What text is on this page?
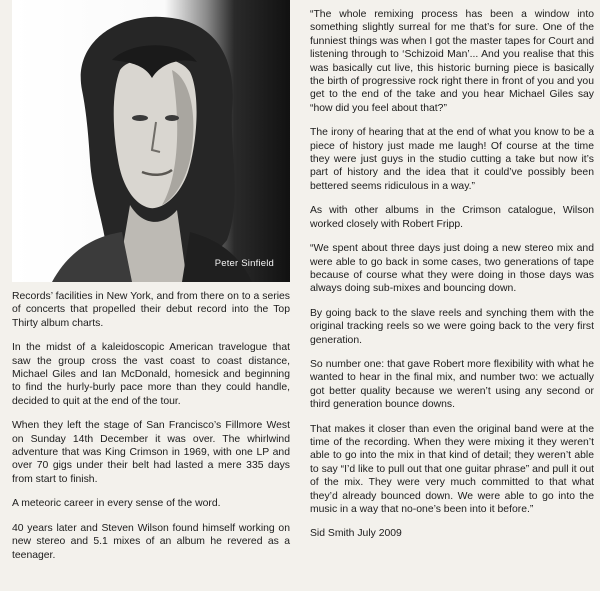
Peter Sinfield

Records’ facilities in New York, and from there on to a series of concerts that propelled their debut record into the Top Thirty album charts.

In the midst of a kaleidoscopic American travelogue that saw the group cross the vast coast to coast distance, Michael Giles and Ian McDonald, homesick and beginning to find the hurly-burly pace more than they could handle, decided to quit at the end of the tour.

When they left the stage of San Francisco’s Fillmore West on Sunday 14th December it was over. The whirlwind adventure that was King Crimson in 1969, with one LP and over 70 gigs under their belt had lasted a mere 335 days from start to finish.

A meteoric career in every sense of the word.

40 years later and Steven Wilson found himself working on new stereo and 5.1 mixes of an album he revered as a teenager.

“The whole remixing process has been a window into something slightly surreal for me that’s for sure. One of the funniest things was when I got the master tapes for Court and listening through to ‘Schizoid Man’... And you realise that this was basically cut live, this historic burning piece is basically the birth of progressive rock right there in front of you and you get to the end of the take and you hear Michael Giles say “how did you feel about that?”

The irony of hearing that at the end of what you know to be a piece of history just made me laugh! Of course at the time they were just guys in the studio cutting a take but now it’s part of history and the idea that it could’ve possibly been bettered seems ridiculous in a way.”

As with other albums in the Crimson catalogue, Wilson worked closely with Robert Fripp.

“We spent about three days just doing a new stereo mix and were able to go back in some cases, two generations of tape because of course what they were doing in those days was always doing sub-mixes and bouncing down.

By going back to the slave reels and synching them with the original tracking reels so we were going back to the very first generation.

So number one: that gave Robert more flexibility with what he wanted to hear in the final mix, and number two: we actually got better quality because we weren’t using any second or third generation bounce downs.

That makes it closer than even the original band were at the time of the recording. When they were mixing it they weren’t able to go into the mix in that kind of detail; they weren’t able to say “I’d like to pull out that one guitar phrase” and pull it out of the mix. They were very much committed to that what they’d already bounced down. We were able to go into the music in a way that no-one’s been into it before.”

Sid Smith July 2009
